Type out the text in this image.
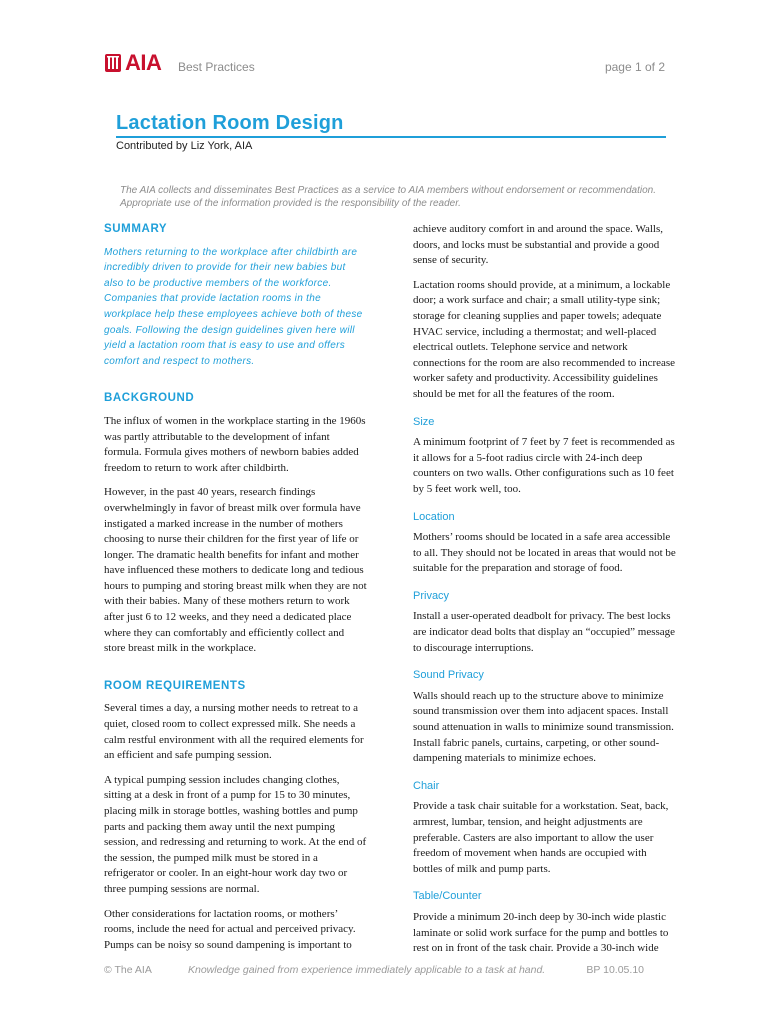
AIA Best Practices	page 1 of 2
Lactation Room Design
Contributed by Liz York, AIA
The AIA collects and disseminates Best Practices as a service to AIA members without endorsement or recommendation. Appropriate use of the information provided is the responsibility of the reader.
SUMMARY

Mothers returning to the workplace after childbirth are incredibly driven to provide for their new babies but also to be productive members of the workforce. Companies that provide lactation rooms in the workplace help these employees achieve both of these goals. Following the design guidelines given here will yield a lactation room that is easy to use and offers comfort and respect to mothers.

BACKGROUND

The influx of women in the workplace starting in the 1960s was partly attributable to the development of infant formula. Formula gives mothers of newborn babies added freedom to return to work after childbirth.

However, in the past 40 years, research findings overwhelmingly in favor of breast milk over formula have instigated a marked increase in the number of mothers choosing to nurse their children for the first year of life or longer. The dramatic health benefits for infant and mother have influenced these mothers to dedicate long and tedious hours to pumping and storing breast milk when they are not with their babies. Many of these mothers return to work after just 6 to 12 weeks, and they need a dedicated place where they can comfortably and efficiently collect and store breast milk in the workplace.

ROOM REQUIREMENTS

Several times a day, a nursing mother needs to retreat to a quiet, closed room to collect expressed milk. She needs a calm restful environment with all the required elements for an efficient and safe pumping session.

A typical pumping session includes changing clothes, sitting at a desk in front of a pump for 15 to 30 minutes, placing milk in storage bottles, washing bottles and pump parts and packing them away until the next pumping session, and redressing and returning to work. At the end of the session, the pumped milk must be stored in a refrigerator or cooler. In an eight-hour work day two or three pumping sessions are normal.

Other considerations for lactation rooms, or mothers’ rooms, include the need for actual and perceived privacy. Pumps can be noisy so sound dampening is important to

achieve auditory comfort in and around the space. Walls, doors, and locks must be substantial and provide a good sense of security.

Lactation rooms should provide, at a minimum, a lockable door; a work surface and chair; a small utility-type sink; storage for cleaning supplies and paper towels; adequate HVAC service, including a thermostat; and well-placed electrical outlets. Telephone service and network connections for the room are also recommended to increase worker safety and productivity. Accessibility guidelines should be met for all the features of the room.

Size

A minimum footprint of 7 feet by 7 feet is recommended as it allows for a 5-foot radius circle with 24-inch deep counters on two walls. Other configurations such as 10 feet by 5 feet work well, too.

Location

Mothers’ rooms should be located in a safe area accessible to all. They should not be located in areas that would not be suitable for the preparation and storage of food.

Privacy

Install a user-operated deadbolt for privacy. The best locks are indicator dead bolts that display an “occupied” message to discourage interruptions.

Sound Privacy

Walls should reach up to the structure above to minimize sound transmission over them into adjacent spaces. Install sound attenuation in walls to minimize sound transmission. Install fabric panels, curtains, carpeting, or other sound-dampening materials to minimize echoes.

Chair

Provide a task chair suitable for a workstation. Seat, back, armrest, lumbar, tension, and height adjustments are preferable. Casters are also important to allow the user freedom of movement when hands are occupied with bottles of milk and pump parts.

Table/Counter

Provide a minimum 20-inch deep by 30-inch wide plastic laminate or solid work surface for the pump and bottles to rest on in front of the task chair. Provide a 30-inch wide

© The AIA	Knowledge gained from experience immediately applicable to a task at hand.	BP 10.05.10
